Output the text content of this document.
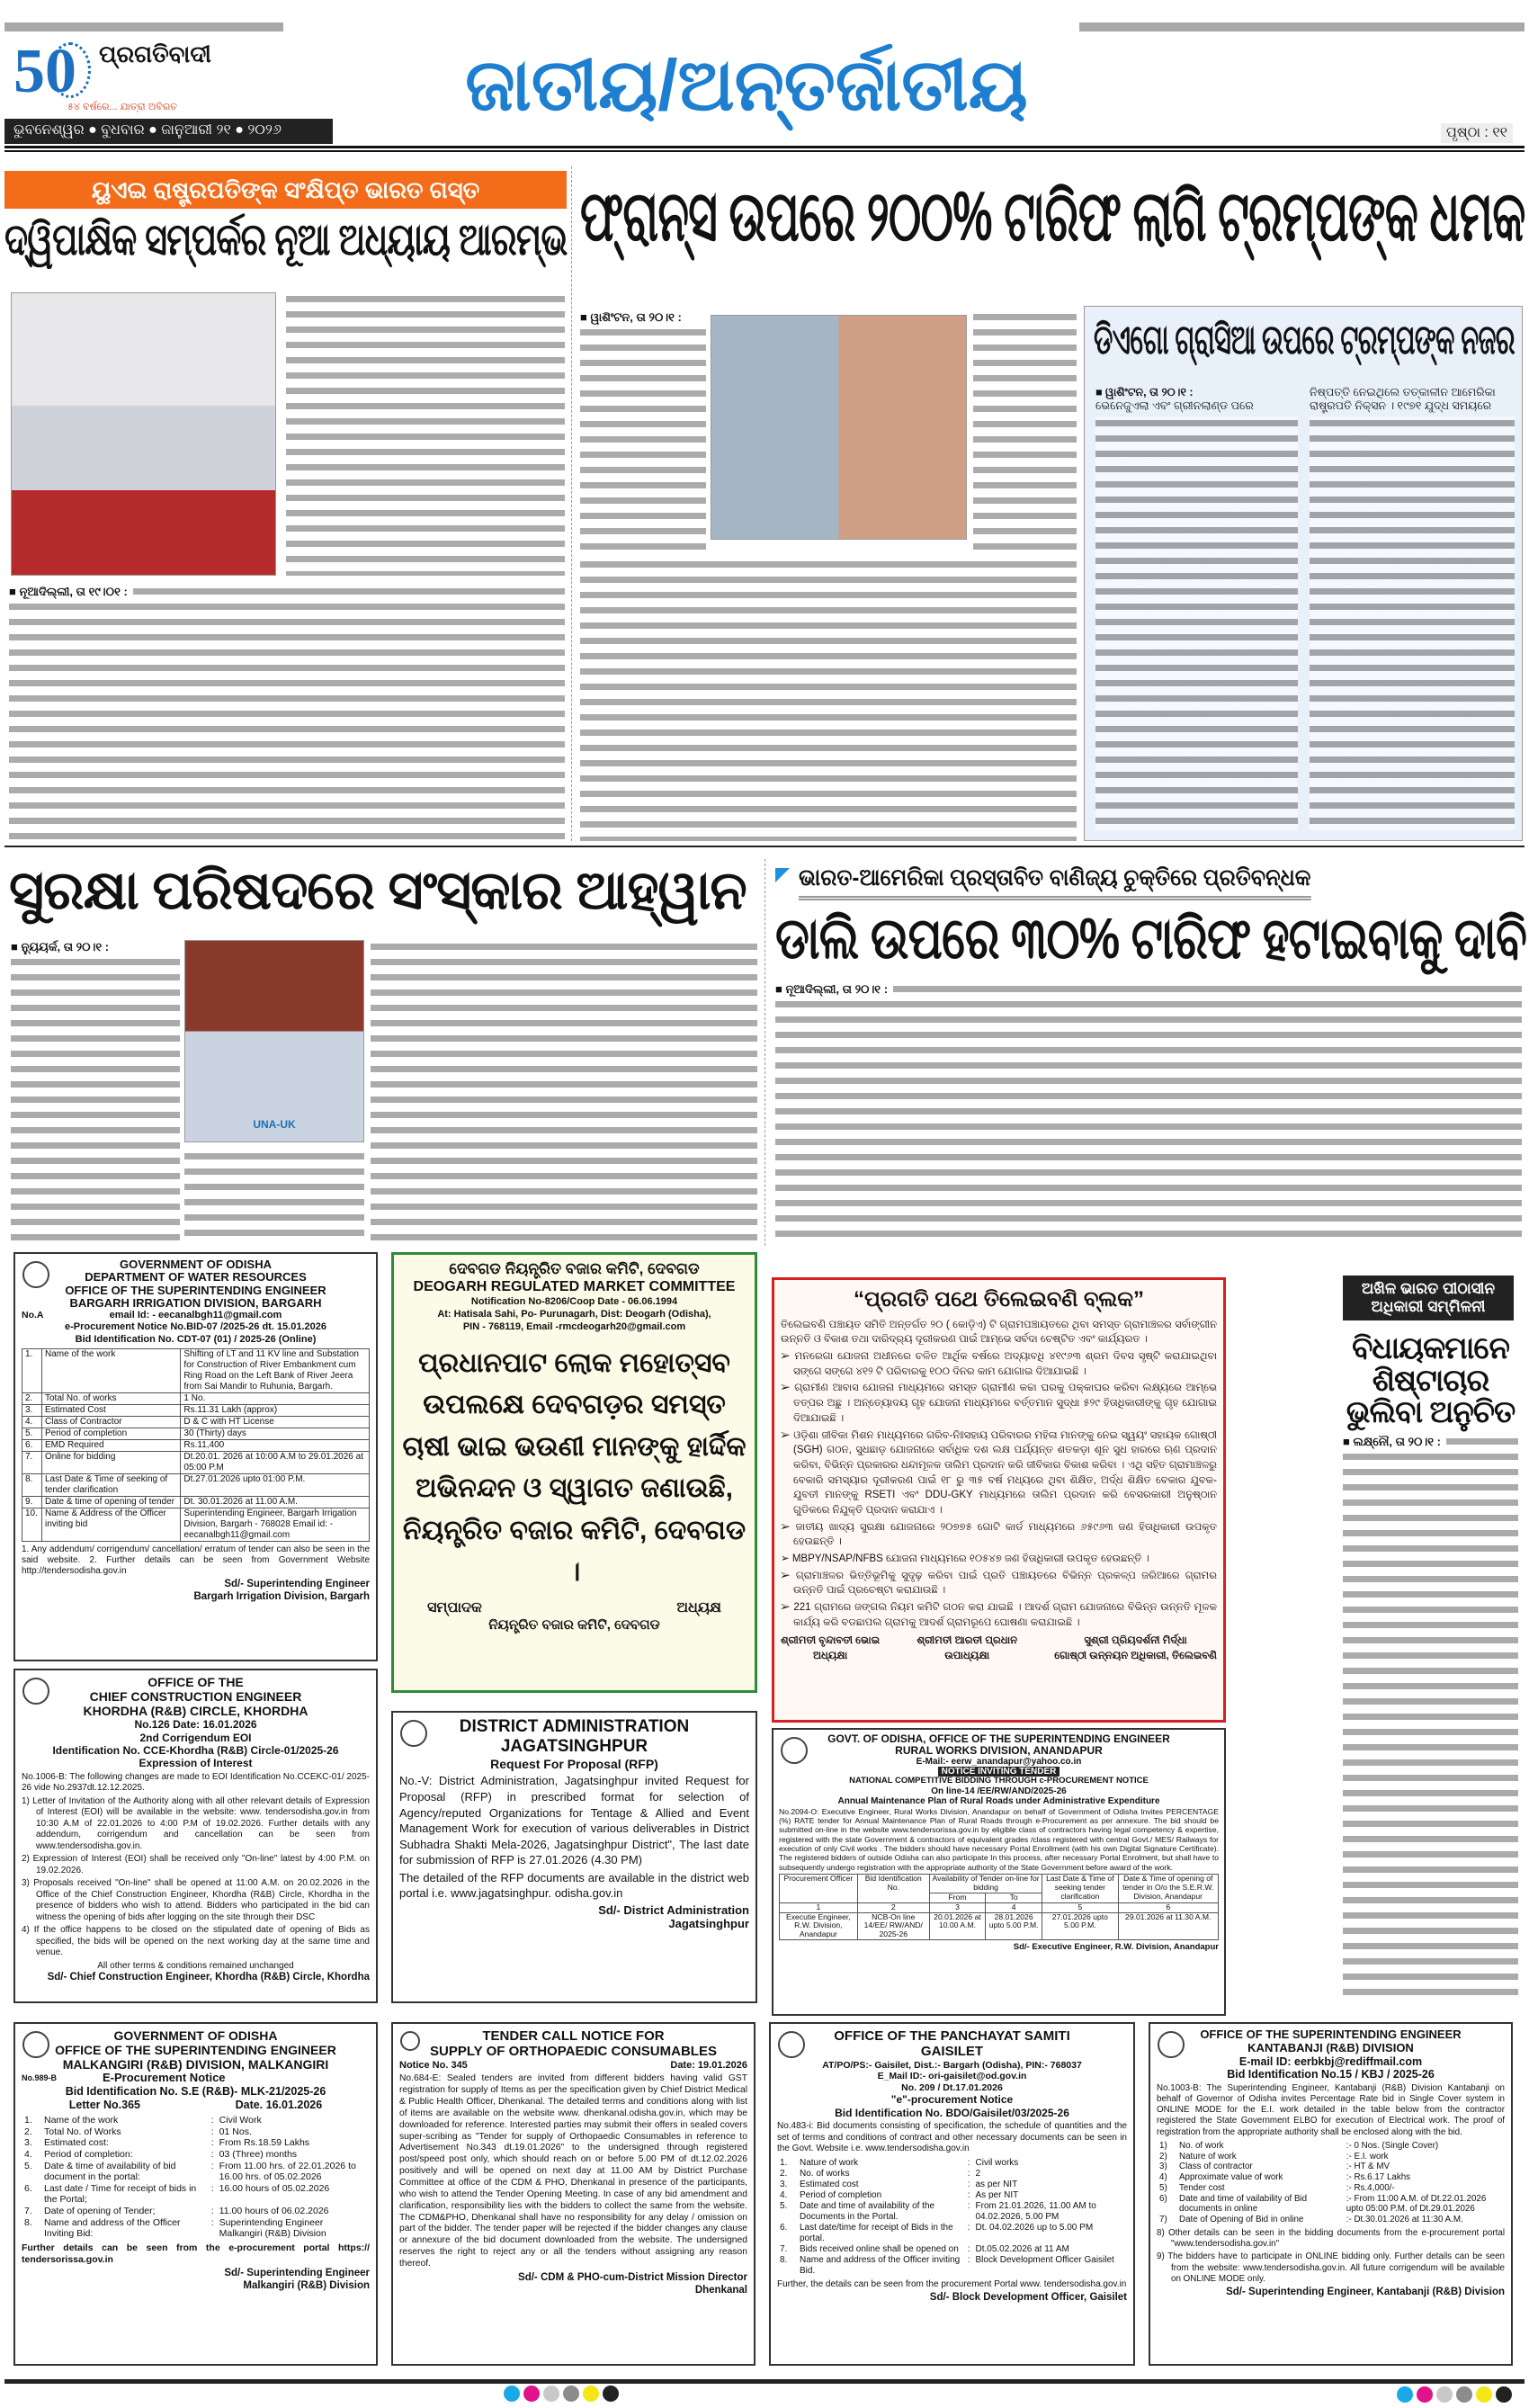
50 ପ୍ରଗତିବାଦୀ
୫୪ ବର୍ଷରେ... ଯାତ୍ରା ଅବିରତ	ଜାତୀୟ/ଅନ୍ତର୍ଜାତୀୟ
ଭୁବନେଶ୍ୱର ● ବୁଧବାର ● ଜାନୁଆରୀ ୨୧ ● ୨୦୨୬	ପୃଷ୍ଠା : ୧୧
ୟୁଏଇ ରାଷ୍ଟ୍ରପତିଙ୍କ ସଂକ୍ଷିପ୍ତ ଭାରତ ଗସ୍ତ
ଦ୍ୱିପାକ୍ଷିକ ସମ୍ପର୍କର ନୂଆ ଅଧ୍ୟାୟ ଆରମ୍ଭ
■ ନୂଆଦିଲ୍ଲୀ, ତା ୧୯।୦୧ :
ଫ୍ରାନ୍ସ ଉପରେ ୨୦୦% ଟାରିଫ ଲାଗି ଟ୍ରମ୍ପଙ୍କ ଧମକ
■ ୱାଶିଂଟନ, ତା ୨୦।୧ :	ଡିଏଗୋ ଗ୍ରାସିଆ ଉପରେ ଟ୍ରମ୍ପଙ୍କ ନଜର
■ ୱାଶିଂଟନ, ତା ୨୦।୧ :
ଭେନେଜୁଏଲା ଏବଂ ଗ୍ରୀନଲାଣ୍ଡ ପରେ
ନିଷ୍ପତ୍ତି ନେଇଥିଲେ ତତ୍କାଳୀନ ଆମେରିକା
ରାଷ୍ଟ୍ରପତି ନିକ୍ସନ । ୧୯୭୧ ଯୁଦ୍ଧ ସମୟରେ
ସୁରକ୍ଷା ପରିଷଦରେ ସଂସ୍କାର ଆହ୍ୱାନ
■ ନ୍ୟୁୟର୍କ, ତା ୨୦।୧ :
UNA-UK
ଭାରତ-ଆମେରିକା ପ୍ରସ୍ତାବିତ ବାଣିଜ୍ୟ ଚୁକ୍ତିରେ ପ୍ରତିବନ୍ଧକ
ଡାଲି ଉପରେ ୩୦% ଟାରିଫ ହଟାଇବାକୁ ଦାବି
■ ନୂଆଦିଲ୍ଲୀ, ତା ୨୦।୧ :
GOVERNMENT OF ODISHA
DEPARTMENT OF WATER RESOURCES
OFFICE OF THE SUPERINTENDING ENGINEER
BARGARH IRRIGATION DIVISION, BARGARH
No.A	email Id: - eecanalbgh11@gmail.com
e-Procurement Notice No.BID-07 /2025-26 dt. 15.01.2026
Bid Identification No. CDT-07 (01) / 2025-26 (Online)
1.	Name of the work	Shifting of LT and 11 KV line and Substation for Construction of River Embankment cum Ring Road on the Left Bank of River Jeera from Sai Mandir to Ruhunia, Bargarh.
2.	Total No. of works	1 No.
3.	Estimated Cost	Rs.11.31 Lakh (approx)
4.	Class of Contractor	D & C with HT License
5.	Period of completion	30 (Thirty) days
6.	EMD Required	Rs.11,400
7.	Online for bidding	Dt.20.01. 2026 at 10:00 A.M to 29.01.2026 at 05:00 P.M
8.	Last Date & Time of seeking of tender clarification	Dt.27.01.2026 upto 01:00 P.M.
9.	Date & time of opening of tender	Dt. 30.01.2026 at 11.00 A.M.
10.	Name & Address of the Officer inviting bid	Superintending Engineer, Bargarh Irrigation Division, Bargarh - 768028 Email id: -eecanalbgh11@gmail.com

1. Any addendum/ corrigendum/ cancellation/ erratum of tender can also be seen in the said website. 2. Further details can be seen from Government Website http://tendersodisha.gov.in

Sd/- Superintending Engineer
Bargarh Irrigation Division, Bargarh
ଦେବଗଡ ନିୟନ୍ତ୍ରିତ ବଜାର କମିଟି, ଦେବଗଡ
DEOGARH REGULATED MARKET COMMITTEE
Notification No-8206/Coop Date - 06.06.1994
At: Hatisala Sahi, Po- Purunagarh, Dist: Deogarh (Odisha),
PIN - 768119, Email -rmcdeogarh20@gmail.com
ପ୍ରଧାନପାଟ ଲୋକ ମହୋତ୍ସବ ଉପଲକ୍ଷେ ଦେବଗଡ଼ର ସମସ୍ତ ଚାଷୀ ଭାଇ ଭଉଣୀ ମାନଙ୍କୁ ହାର୍ଦ୍ଦିକ ଅଭିନନ୍ଦନ ଓ ସ୍ୱାଗତ ଜଣାଉଛି, ନିୟନ୍ତ୍ରିତ ବଜାର କମିଟି, ଦେବଗଡ ।
ସମ୍ପାଦକ	ଅଧ୍ୟକ୍ଷ
ନିୟନ୍ତ୍ରିତ ବଜାର କମିଟି, ଦେବଗଡ
“ପ୍ରଗତି ପଥେ ତିଲେଇବଣି ବ୍ଲକ”

ତିଲେଇବଣି ପଞ୍ଚାୟତ ସମିତି ଅନ୍ତର୍ଗତ ୨୦ ( କୋଡ଼ିଏ) ଟି ଗ୍ରାମପଞ୍ଚାୟତରେ ଥିବା ସମସ୍ତ ଗ୍ରାମାଞ୍ଚଳର ସର୍ବାଙ୍ଗୀନ ଉନ୍ନତି ଓ ବିକାଶ ତଥା ଦାରିଦ୍ର୍ୟ ଦୂରୀକରଣ ପାଇଁ ଆମ୍ଭେ ସର୍ବଦା ଚେଷ୍ଟିତ ଏବଂ କାର୍ଯ୍ୟରତ ।

➢ ମନରେଗା ଯୋଜନା ଅଧୀନରେ ଚଳିତ ଆର୍ଥିକ ବର୍ଷରେ ଅଦ୍ୟାବଧି ୪୧୯୬୩ ଶ୍ରମ ଦିବସ ସୃଷ୍ଟି କରାଯାଇଥିବା ସଙ୍ଗେ ସଙ୍ଗେ ୪୧୨ ଟି ପରିବାରକୁ ୧୦୦ ଦିନର କାମ ଯୋଗାଇ ଦିଆଯାଇଛି ।

➢ ଗ୍ରାମୀଣ ଆବାସ ଯୋଜନା ମାଧ୍ୟମରେ ସମସ୍ତ ଗ୍ରାମୀଣ କଚ୍ଚା ଘରକୁ ପକ୍କାଘର କରିବା ଲକ୍ଷ୍ୟରେ ଆମ୍ଭେ ତତ୍ପର ଅଛୁ । ଅନ୍ତ୍ୟୋଦୟ ଗୃହ ଯୋଜନା ମାଧ୍ୟମରେ ବର୍ତ୍ତମାନ ସୁଦ୍ଧା ୫୨୯ ହିତାଧିକାରୀଙ୍କୁ ଗୃହ ଯୋଗାଇ ଦିଆଯାଇଛି ।

➢ ଓଡ଼ିଶା ଜୀବିକା ମିଶନ ମାଧ୍ୟମରେ ଗରିବ-ନିଃସହାୟ ପରିବାରର ମହିଳା ମାନଙ୍କୁ ନେଇ ସ୍ୱୟଂ ସହାୟକ ଗୋଷ୍ଠୀ (SGH) ଗଠନ, ସୁଧଛାଡ଼ ଯୋଜନାରେ ସର୍ବାଧିକ ଦଶ ଲକ୍ଷ ପର୍ଯ୍ୟନ୍ତ ଶତକଡ଼ା ଶୂନ ସୁଧ ହାରରେ ଋଣ ପ୍ରଦାନ କରିବା, ବିଭିନ୍ନ ପ୍ରକାରର ଧନ୍ଦାମୂଳକ ତାଲିମ ପ୍ରଦାନ କରି ଜୀବିକାର ବିକାଶ କରିବା । ଏଥି ସହିତ ଗ୍ରାମାଞ୍ଚଳରୁ ବେକାରି ସମସ୍ୟାର ଦୂରୀକରଣ ପାଇଁ ୧୮ ରୁ ୩୫ ବର୍ଷ ମଧ୍ୟରେ ଥିବା ଶିକ୍ଷିତ, ଅର୍ଦ୍ଧ ଶିକ୍ଷିତ ବେକାର ଯୁବକ-ଯୁବତୀ ମାନଙ୍କୁ RSETI ଏବଂ DDU-GKY ମାଧ୍ୟମରେ ତାଲିମ ପ୍ରଦାନ କରି ବେସରକାରୀ ଅନୁଷ୍ଠାନ ଗୁଡିକରେ ନିଯୁକ୍ତି ପ୍ରଦାନ କରାଯାଏ ।

➢ ଜାତୀୟ ଖାଦ୍ୟ ସୁରକ୍ଷା ଯୋଜନାରେ ୨୦୭୭୫ ଗୋଟି କାର୍ଡ ମାଧ୍ୟମରେ ୬୫୯୬୩ ଜଣ ହିତାଧିକାରୀ ଉପକୃତ ହେଉଛନ୍ତି ।

➢ MBPY/NSAP/NFBS ଯୋଜନା ମାଧ୍ୟମରେ ୧୦୫୪୭ ଜଣ ହିତାଧିକାରୀ ଉପକୃତ ହେଉଛନ୍ତି ।

➢ ଗ୍ରାମାଞ୍ଚଳର ଭିତ୍ତିଭୂମିକୁ ସୁଦୃଢ଼ କରିବା ପାଇଁ ପ୍ରତି ପଞ୍ଚାୟତରେ ବିଭିନ୍ନ ପ୍ରକଳ୍ପ ଜରିଆରେ ଗ୍ରାମର ଉନ୍ନତି ପାଇଁ ପ୍ରଚେଷ୍ଟା କରାଯାଉଛି ।

➢ 221 ଗ୍ରାମରେ ଜଙ୍ଗଲ ନିୟମ କମିଟି ଗଠନ କରା ଯାଇଛି । ଆଦର୍ଶ ଗ୍ରାମ ଯୋଜନାରେ ବିଭିନ୍ନ ଉନ୍ନତି ମୂଳକ କାର୍ଯ୍ୟ କରି ବଡଛାପଲ ଗ୍ରାମକୁ ଆଦର୍ଶ ଗ୍ରାମରୂପେ ଘୋଷଣା କରାଯାଇଛି ।

ଶ୍ରୀମତୀ ବୃନ୍ଦାବତୀ ଭୋଇ
ଅଧ୍ୟକ୍ଷା
ଶ୍ରୀମତୀ ଆରତୀ ପ୍ରଧାନ
ଉପାଧ୍ୟକ୍ଷା
ସୁଶ୍ରୀ ପ୍ରିୟଦର୍ଶନୀ ମିର୍ଦ୍ଧା
ଗୋଷ୍ଠୀ ଉନ୍ନୟନ ଅଧିକାରୀ, ତିଲେଇବଣି
ଅଖିଳ ଭାରତ ପୀଠାସୀନ ଅଧିକାରୀ ସମ୍ମିଳନୀ
ବିଧାୟକମାନେ ଶିଷ୍ଟାଚାର ଭୁଲିବା ଅନୁଚିତ
■ ଲକ୍ଷ୍ନୌ, ତା ୨୦।୧ :
OFFICE OF THE
CHIEF CONSTRUCTION ENGINEER
KHORDHA (R&B) CIRCLE, KHORDHA
No.126 Date: 16.01.2026
2nd Corrigendum EOI
Identification No. CCE-Khordha (R&B) Circle-01/2025-26
Expression of Interest

No.1006-B: The following changes are made to EOI Identification No.CCEKC-01/ 2025-26 vide No.2937dt.12.12.2025.

1) Letter of Invitation of the Authority along with all other relevant details of Expression of Interest (EOI) will be available in the website: www. tendersodisha.gov.in from 10:30 A.M of 22.01.2026 to 4:00 P.M of 19.02.2026. Further details with any addendum, corrigendum and cancellation can be seen from www.tendersodisha.gov.in.

2) Expression of Interest (EOI) shall be received only "On-line" latest by 4:00 P.M. on 19.02.2026.

3) Proposals received "On-line" shall be opened at 11:00 A.M. on 20.02.2026 in the Office of the Chief Construction Engineer, Khordha (R&B) Circle, Khordha in the presence of bidders who wish to attend. Bidders who participated in the bid can witness the opening of bids after logging on the site through their DSC

4) If the office happens to be closed on the stipulated date of opening of Bids as specified, the bids will be opened on the next working day at the same time and venue.

All other terms & conditions remained unchanged
Sd/- Chief Construction Engineer, Khordha (R&B) Circle, Khordha
DISTRICT ADMINISTRATION
JAGATSINGHPUR
Request For Proposal (RFP)

No.-V: District Administration, Jagatsinghpur invited Request for Proposal (RFP) in prescribed format for selection of Agency/reputed Organizations for Tentage & Allied and Event Management Work for execution of various deliverables in District Subhadra Shakti Mela-2026, Jagatsinghpur District", The last date for submission of RFP is 27.01.2026 (4.30 PM)

The detailed of the RFP documents are available in the district web portal i.e. www.jagatsinghpur. odisha.gov.in

Sd/- District Administration
Jagatsinghpur
GOVT. OF ODISHA, OFFICE OF THE SUPERINTENDING ENGINEER
RURAL WORKS DIVISION, ANANDAPUR
E-Mail:- eerw_anandapur@yahoo.co.in
NOTICE INVITING TENDER
NATIONAL COMPETITIVE BIDDING THROUGH c-PROCUREMENT NOTICE
On line-14 /EE/RW/AND/2025-26
Annual Maintenance Plan of Rural Roads under Administrative Expenditure

No.2094-O: Executive Engineer, Rural Works Division, Anandapur on behalf of Government of Odisha Invites PERCENTAGE (%) RATE tender for Annual Maintenance Plan of Rural Roads through e-Procurement as per annexure. The bid should be submitted on-line in the website www.tendersorissa.gov.in by eligible class of contractors having legal competency & expertise, registered with the state Government & contractors of equivalent grades /class registered with central Govt./ MES/ Railways for execution of only Civil works . The bidders should have necessary Portal Enrollment (with his own Digital Signature Certificate). The registered bidders of outside Odisha can also participate In this process, after necessary Portal Enrolment, but shall have to subsequently undergo registration with the appropriate authority of the State Government before award of the work.

Procurement Officer	Bid Identification No.	Availability of Tender on-line for bidding		Last Date & Time of seeking tender clarification	Date & Time of opening of tender in O/o the S.E.R.W. Division, Anandapur
		From	To		
1	2	3	4	5	6
Executie Engineer, R.W. Division, Anandapur	NCB-On line 14/EE/ RW/AND/ 2025-26	20.01.2026 at 10.00 A.M.	28.01.2026 upto 5.00 P.M.	27.01.2026 upto 5.00 P.M.	29.01.2026 at 11.30 A.M.
Sd/- Executive Engineer, R.W. Division, Anandapur
GOVERNMENT OF ODISHA
OFFICE OF THE SUPERINTENDING ENGINEER
MALKANGIRI (R&B) DIVISION, MALKANGIRI
No.989-B	E-Procurement Notice
Bid Identification No. S.E (R&B)- MLK-21/2025-26
Letter No.365	Date. 16.01.2026
1.	Name of the work	:	Civil Work
2.	Total No. of Works	:	01 Nos.
3.	Estimated cost:	:	From Rs.18.59 Lakhs
4.	Period of completion:	:	03 (Three) months
5.	Date & time of availability of bid document in the portal:	:	From 11.00 hrs. of 22.01.2026 to 16.00 hrs. of 05.02.2026
6.	Last date / Time for receipt of bids in the Portal;	:	16.00 hours of 05.02.2026
7.	Date of opening of Tender;	:	11.00 hours of 06.02.2026
8.	Name and address of the Officer Inviting Bid:	:	Superintending Engineer Malkangiri (R&B) Division

Further details can be seen from the e-procurement portal https:// tendersorissa.gov.in

Sd/- Superintending Engineer
Malkangiri (R&B) Division
TENDER CALL NOTICE FOR
SUPPLY OF ORTHOPAEDIC CONSUMABLES
Notice No. 345	Date: 19.01.2026

No.684-E: Sealed tenders are invited from different bidders having valid GST registration for supply of Items as per the specification given by Chief District Medical & Public Health Officer, Dhenkanal. The detailed terms and conditions along with list of items are available on the website www. dhenkanal.odisha.gov.in, which may be downloaded for reference. Interested parties may submit their offers in sealed covers super-scribing as "Tender for supply of Orthopaedic Consumables in reference to Advertisement No.343 dt.19.01.2026" to the undersigned through registered post/speed post only, which should reach on or before 5.00 PM of dt.12.02.2026 positively and will be opened on next day at 11.00 AM by District Purchase Committee at office of the CDM & PHO, Dhenkanal in presence of the participants, who wish to attend the Tender Opening Meeting. In case of any bid amendment and clarification, responsibility lies with the bidders to collect the same from the website. The CDM&PHO, Dhenkanal shall have no responsibility for any delay / omission on part of the bidder. The tender paper will be rejected if the bidder changes any clause or annexure of the bid document downloaded from the website. The undersigned reserves the right to reject any or all the tenders without assigning any reason thereof.

Sd/- CDM & PHO-cum-District Mission Director
Dhenkanal
OFFICE OF THE PANCHAYAT SAMITI
GAISILET
AT/PO/PS:- Gaisilet, Dist.:- Bargarh (Odisha), PIN:- 768037
E_Mail ID:- ori-gaisilet@od.gov.in
No. 209 / Dt.17.01.2026
"e"-procurement Notice
Bid Identification No. BDO/Gaisilet/03/2025-26

No.483-i: Bid documents consisting of specification, the schedule of quantities and the set of terms and conditions of contract and other necessary documents can be seen in the Govt. Website i.e. www.tendersodisha.gov.in

1.	Nature of work	:	Civil works
2.	No. of works	:	2
3.	Estimated cost	:	as per NIT
4.	Period of completion	:	As per NIT
5.	Date and time of availability of the Documents in the Portal.	:	From 21.01.2026, 11.00 AM to 04.02.2026, 5.00 PM
6.	Last date/time for receipt of Bids in the portal.	:	Dt. 04.02.2026 up to 5.00 PM
7.	Bids received online shall be opened on	:	Dt.05.02.2026 at 11 AM
8.	Name and address of the Officer inviting Bid.	:	Block Development Officer Gaisilet

Further, the details can be seen from the procurement Portal www. tendersodisha.gov.in

Sd/- Block Development Officer, Gaisilet
OFFICE OF THE SUPERINTENDING ENGINEER
KANTABANJI (R&B) DIVISION
E-mail ID: eerbkbj@rediffmail.com
Bid Identification No.15 / KBJ / 2025-26

No.1003-B: The Superintending Engineer, Kantabanji (R&B) Division Kantabanji on behalf of Governor of Odisha invites Percentage Rate bid in Single Cover system in ONLINE MODE for the E.I. work detailed in the table below from the contractor registered the State Government ELBO for execution of Electrical work. The proof of registration from the appropriate authority shall be enclosed along with the bid.

1)	No. of work	:- 0 Nos. (Single Cover)
2)	Nature of work	:- E.I. work
3)	Class of contractor	:- HT & MV
4)	Approximate value of work	:- Rs.6.17 Lakhs
5)	Tender cost	:- Rs.4,000/-
6)	Date and time of vailability of Bid documents in online	:- From 11:00 A.M. of Dt.22.01.2026 upto 05:00 P.M. of Dt.29.01.2026
7)	Date of Opening of Bid in online	:- Dt.30.01.2026 at 11:30 A.M.

8) Other details can be seen in the bidding documents from the e-procurement portal "www.tendersodisha.gov.in"

9) The bidders have to participate in ONLINE bidding only. Further details can be seen from the website: www.tendersodisha.gov.in. All future corrigendum will be available on ONLINE MODE only.

Sd/- Superintending Engineer, Kantabanji (R&B) Division
